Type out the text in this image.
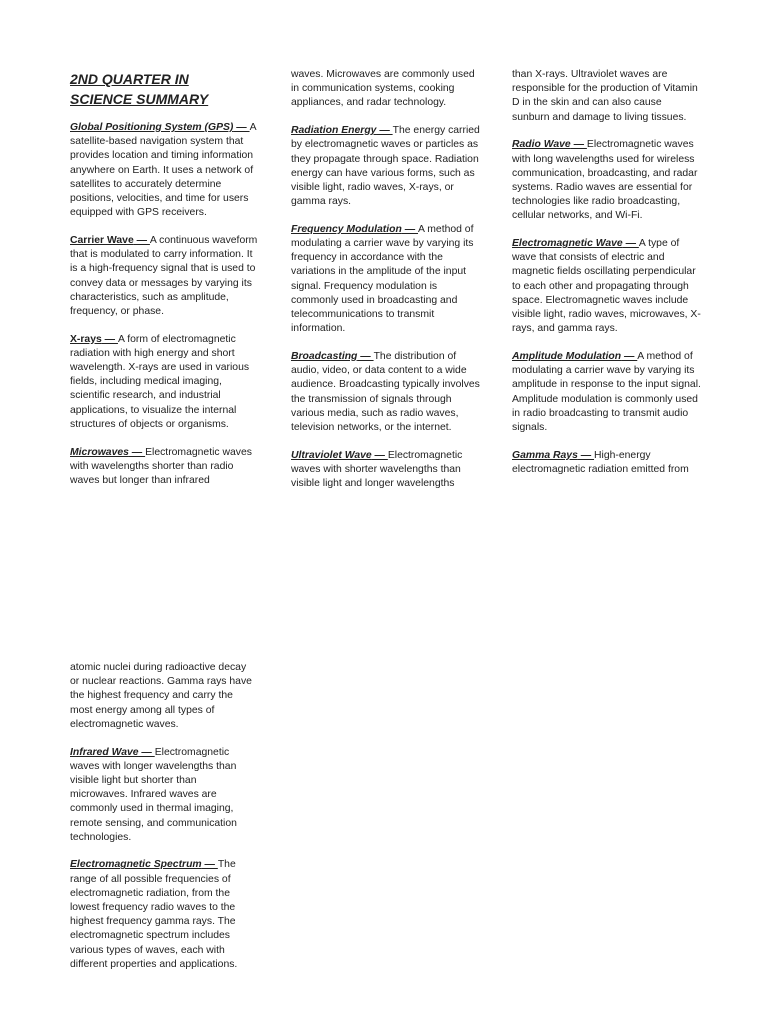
2ND QUARTER IN
SCIENCE SUMMARY

Global Positioning System (GPS) — A satellite-based navigation system that provides location and timing information anywhere on Earth. It uses a network of satellites to accurately determine positions, velocities, and time for users equipped with GPS receivers.

Carrier Wave — A continuous waveform that is modulated to carry information. It is a high-frequency signal that is used to convey data or messages by varying its characteristics, such as amplitude, frequency, or phase.

X-rays — A form of electromagnetic radiation with high energy and short wavelength. X-rays are used in various fields, including medical imaging, scientific research, and industrial applications, to visualize the internal structures of objects or organisms.

Microwaves — Electromagnetic waves with wavelengths shorter than radio waves but longer than infrared

waves. Microwaves are commonly used in communication systems, cooking appliances, and radar technology.

Radiation Energy — The energy carried by electromagnetic waves or particles as they propagate through space. Radiation energy can have various forms, such as visible light, radio waves, X-rays, or gamma rays.

Frequency Modulation — A method of modulating a carrier wave by varying its frequency in accordance with the variations in the amplitude of the input signal. Frequency modulation is commonly used in broadcasting and telecommunications to transmit information.

Broadcasting — The distribution of audio, video, or data content to a wide audience. Broadcasting typically involves the transmission of signals through various media, such as radio waves, television networks, or the internet.

Ultraviolet Wave — Electromagnetic waves with shorter wavelengths than visible light and longer wavelengths

than X-rays. Ultraviolet waves are responsible for the production of Vitamin D in the skin and can also cause sunburn and damage to living tissues.

Radio Wave — Electromagnetic waves with long wavelengths used for wireless communication, broadcasting, and radar systems. Radio waves are essential for technologies like radio broadcasting, cellular networks, and Wi-Fi.

Electromagnetic Wave — A type of wave that consists of electric and magnetic fields oscillating perpendicular to each other and propagating through space. Electromagnetic waves include visible light, radio waves, microwaves, X-rays, and gamma rays.

Amplitude Modulation — A method of modulating a carrier wave by varying its amplitude in response to the input signal. Amplitude modulation is commonly used in radio broadcasting to transmit audio signals.

Gamma Rays — High-energy electromagnetic radiation emitted from

atomic nuclei during radioactive decay or nuclear reactions. Gamma rays have the highest frequency and carry the most energy among all types of electromagnetic waves.

Infrared Wave — Electromagnetic waves with longer wavelengths than visible light but shorter than microwaves. Infrared waves are commonly used in thermal imaging, remote sensing, and communication technologies.

Electromagnetic Spectrum — The range of all possible frequencies of electromagnetic radiation, from the lowest frequency radio waves to the highest frequency gamma rays. The electromagnetic spectrum includes various types of waves, each with different properties and applications.
